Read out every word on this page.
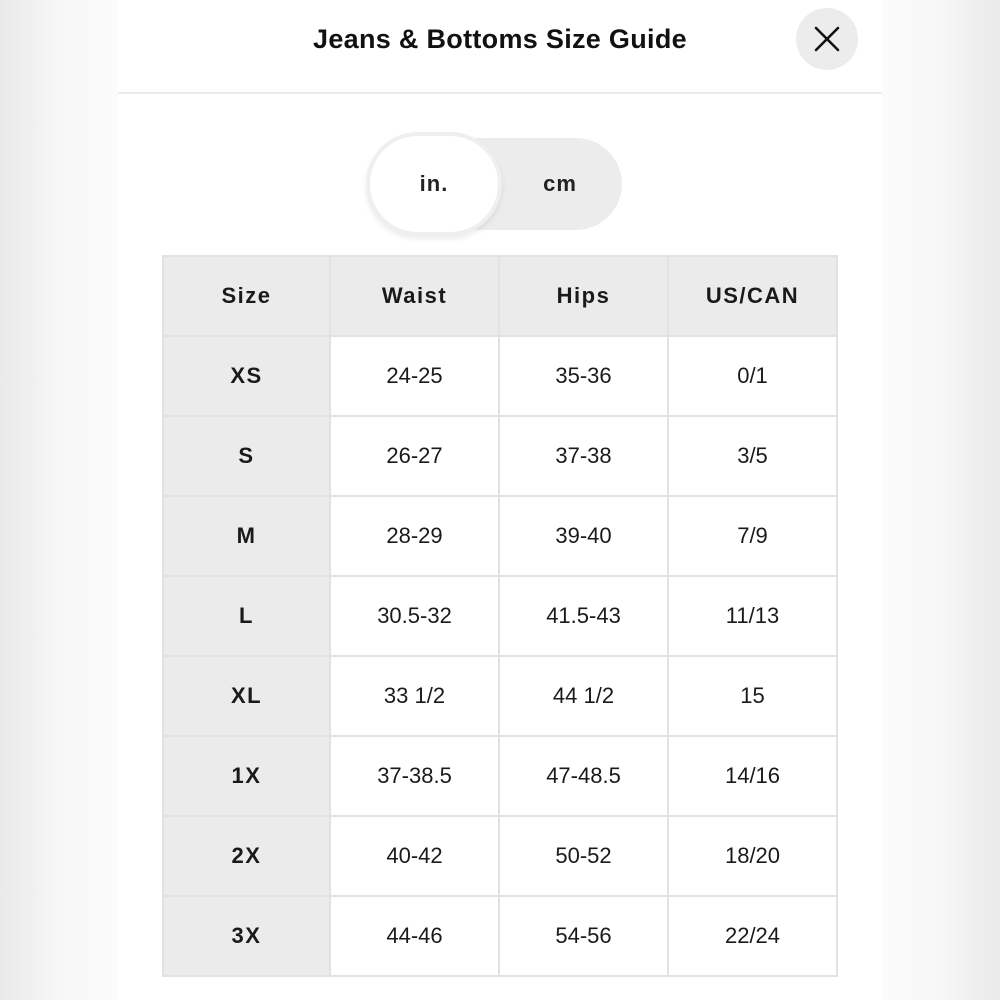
Jeans & Bottoms Size Guide
cm
in.
Size	Waist	Hips	US/CAN
XS	24-25	35-36	0/1
S	26-27	37-38	3/5
M	28-29	39-40	7/9
L	30.5-32	41.5-43	11/13
XL	33 1/2	44 1/2	15
1X	37-38.5	47-48.5	14/16
2X	40-42	50-52	18/20
3X	44-46	54-56	22/24
